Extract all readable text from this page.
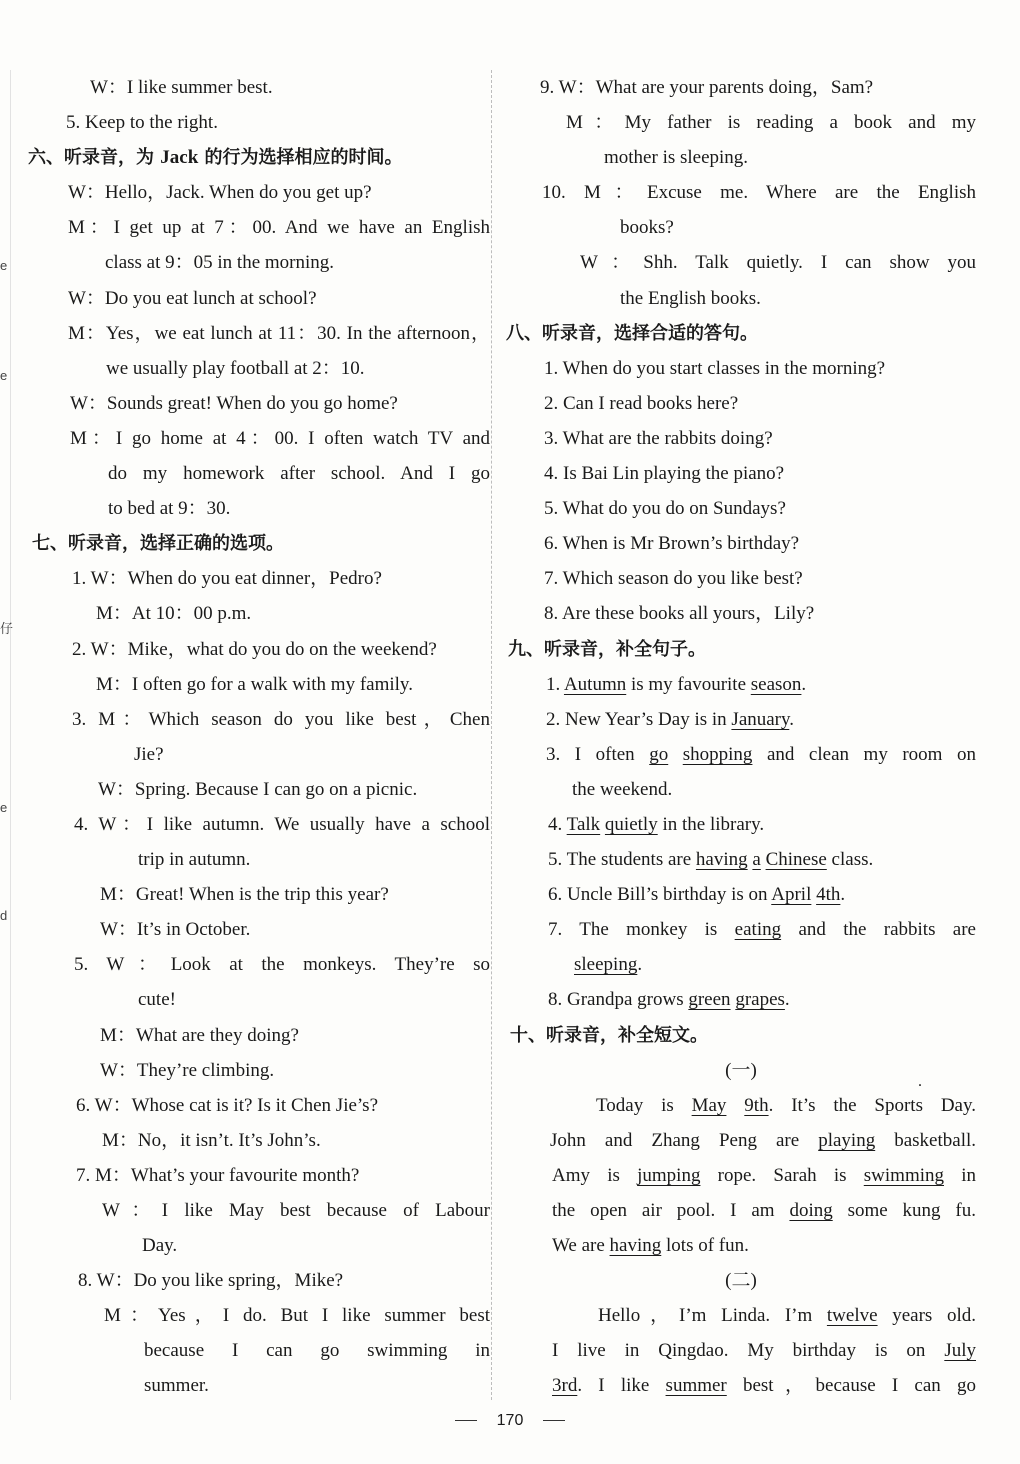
e
e
仔
e
d
W：I like summer best.
5. Keep to the right.
六、听录音，为 Jack 的行为选择相应的时间。
W：Hello，Jack. When do you get up?
M：I get up at 7：00. And we have an English
class at 9：05 in the morning.
W：Do you eat lunch at school?
M：Yes，we eat lunch at 11：30. In the afternoon，
we usually play football at 2：10.
W：Sounds great! When do you go home?
M：I go home at 4：00. I often watch TV and
do my homework after school. And I go
to bed at 9：30.
七、听录音，选择正确的选项。
1. W：When do you eat dinner，Pedro?
M：At 10：00 p.m.
2. W：Mike，what do you do on the weekend?
M：I often go for a walk with my family.
3. M：Which season do you like best，Chen
Jie?
W：Spring. Because I can go on a picnic.
4. W：I like autumn. We usually have a school
trip in autumn.
M：Great! When is the trip this year?
W：It’s in October.
5. W：Look at the monkeys. They’re so
cute!
M：What are they doing?
W：They’re climbing.
6. W：Whose cat is it? Is it Chen Jie’s?
M：No，it isn’t. It’s John’s.
7. M：What’s your favourite month?
W：I like May best because of Labour
Day.
8. W：Do you like spring，Mike?
M：Yes，I do. But I like summer best
because I can go swimming in
summer.
9. W：What are your parents doing，Sam?
M：My father is reading a book and my
mother is sleeping.
10. M：Excuse me. Where are the English
books?
W：Shh. Talk quietly. I can show you
the English books.
八、听录音，选择合适的答句。
1. When do you start classes in the morning?
2. Can I read books here?
3. What are the rabbits doing?
4. Is Bai Lin playing the piano?
5. What do you do on Sundays?
6. When is Mr Brown’s birthday?
7. Which season do you like best?
8. Are these books all yours，Lily?
九、听录音，补全句子。
1. Autumn is my favourite season.
2. New Year’s Day is in January.
3. I often go shopping and clean my room on
the weekend.
4. Talk quietly in the library.
5. The students are having a Chinese class.
6. Uncle Bill’s birthday is on April 4th.
7. The monkey is eating and the rabbits are
sleeping.
8. Grandpa grows green grapes.
十、听录音，补全短文。
(一)
Today is May 9th. It’s the Sports Day.
John and Zhang Peng are playing basketball.
Amy is jumping rope. Sarah is swimming in
the open air pool. I am doing some kung fu.
We are having lots of fun.
(二)
Hello，I’m Linda. I’m twelve years old.
I live in Qingdao. My birthday is on July
3rd. I like summer best，because I can go
.
170
